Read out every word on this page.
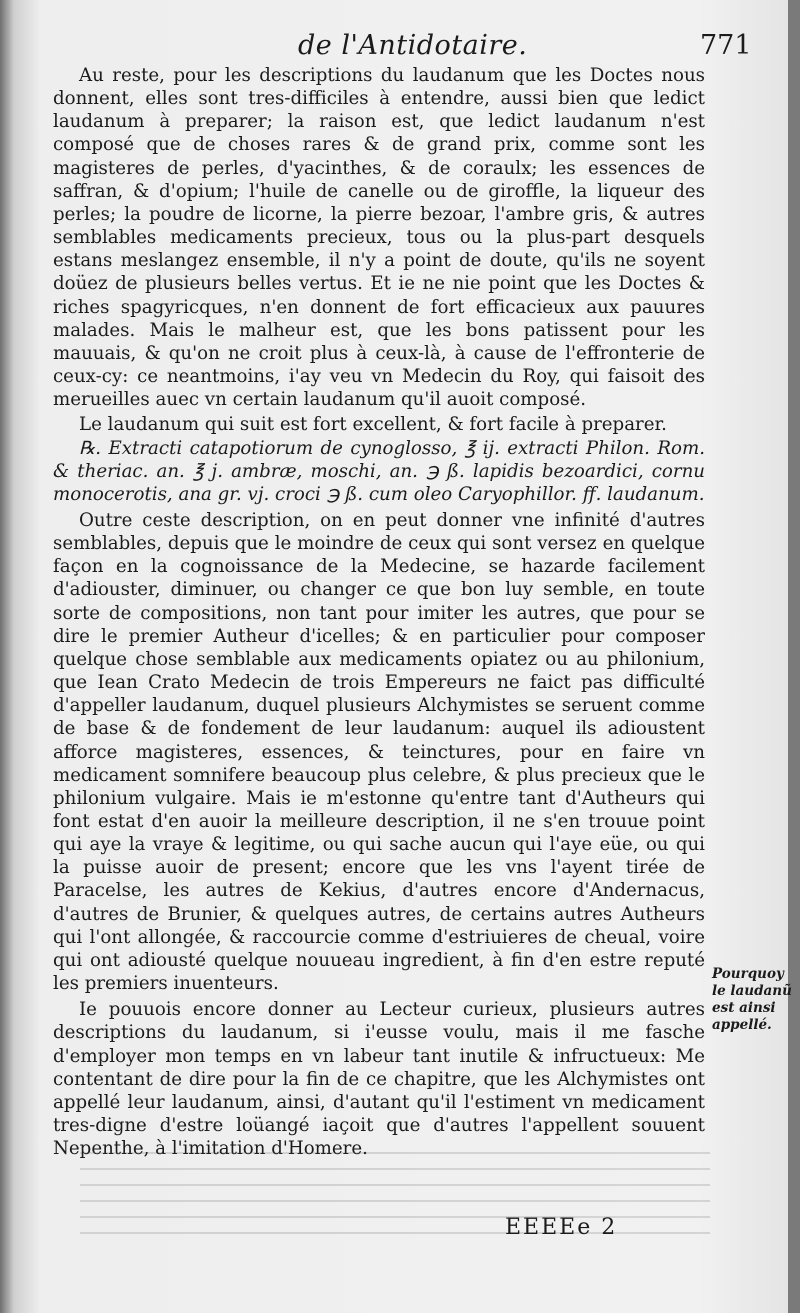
de l'Antidotaire.	771

Au reste, pour les descriptions du laudanum que les Doctes nous donnent, elles sont tres-difficiles à entendre, aussi bien que ledict laudanum à preparer; la raison est, que ledict laudanum n'est composé que de choses rares & de grand prix, comme sont les magisteres de perles, d'yacinthes, & de coraulx; les essences de saffran, & d'opium; l'huile de canelle ou de giroffle, la liqueur des perles; la poudre de licorne, la pierre bezoar, l'ambre gris, & autres semblables medicaments precieux, tous ou la plus-part desquels estans meslangez ensemble, il n'y a point de doute, qu'ils ne soyent doüez de plusieurs belles vertus. Et ie ne nie point que les Doctes & riches spagyricques, n'en donnent de fort efficacieux aux pauures malades. Mais le malheur est, que les bons patissent pour les mauuais, & qu'on ne croit plus à ceux-là, à cause de l'effronterie de ceux-cy: ce neantmoins, i'ay veu vn Medecin du Roy, qui faisoit des merueilles auec vn certain laudanum qu'il auoit composé.

Le laudanum qui suit est fort excellent, & fort facile à preparer.

℞. Extracti catapotiorum de cynoglosso, ℥ ij. extracti Philon. Rom. & theriac. an. ℥ j. ambræ, moschi, an. ℈ ß. lapidis bezoardici, cornu monocerotis, ana gr. vj. croci ℈ ß. cum oleo Caryophillor. ff. laudanum.

Outre ceste description, on en peut donner vne infinité d'autres semblables, depuis que le moindre de ceux qui sont versez en quelque façon en la cognoissance de la Medecine, se hazarde facilement d'adiouster, diminuer, ou changer ce que bon luy semble, en toute sorte de compositions, non tant pour imiter les autres, que pour se dire le premier Autheur d'icelles; & en particulier pour composer quelque chose semblable aux medicaments opiatez ou au philonium, que Iean Crato Medecin de trois Empereurs ne faict pas difficulté d'appeller laudanum, duquel plusieurs Alchymistes se seruent comme de base & de fondement de leur laudanum: auquel ils adioustent afforce magisteres, essences, & teinctures, pour en faire vn medicament somnifere beaucoup plus celebre, & plus precieux que le philonium vulgaire. Mais ie m'estonne qu'entre tant d'Autheurs qui font estat d'en auoir la meilleure description, il ne s'en trouue point qui aye la vraye & legitime, ou qui sache aucun qui l'aye eüe, ou qui la puisse auoir de present; encore que les vns l'ayent tirée de Paracelse, les autres de Kekius, d'autres encore d'Andernacus, d'autres de Brunier, & quelques autres, de certains autres Autheurs qui l'ont allongée, & raccourcie comme d'estriuieres de cheual, voire qui ont adiousté quelque nouueau ingredient, à fin d'en estre reputé les premiers inuenteurs.

Ie pouuois encore donner au Lecteur curieux, plusieurs autres descriptions du laudanum, si i'eusse voulu, mais il me fasche d'employer mon temps en vn labeur tant inutile & infructueux: Me contentant de dire pour la fin de ce chapitre, que les Alchymistes ont appellé leur laudanum, ainsi, d'autant qu'il l'estiment vn medicament tres-digne d'estre loüangé iaçoit que d'autres l'appellent souuent Nepenthe, à l'imitation d'Homere.

Pourquoy
le laudanũ
est ainsi
appellé.
EEEEe 2
